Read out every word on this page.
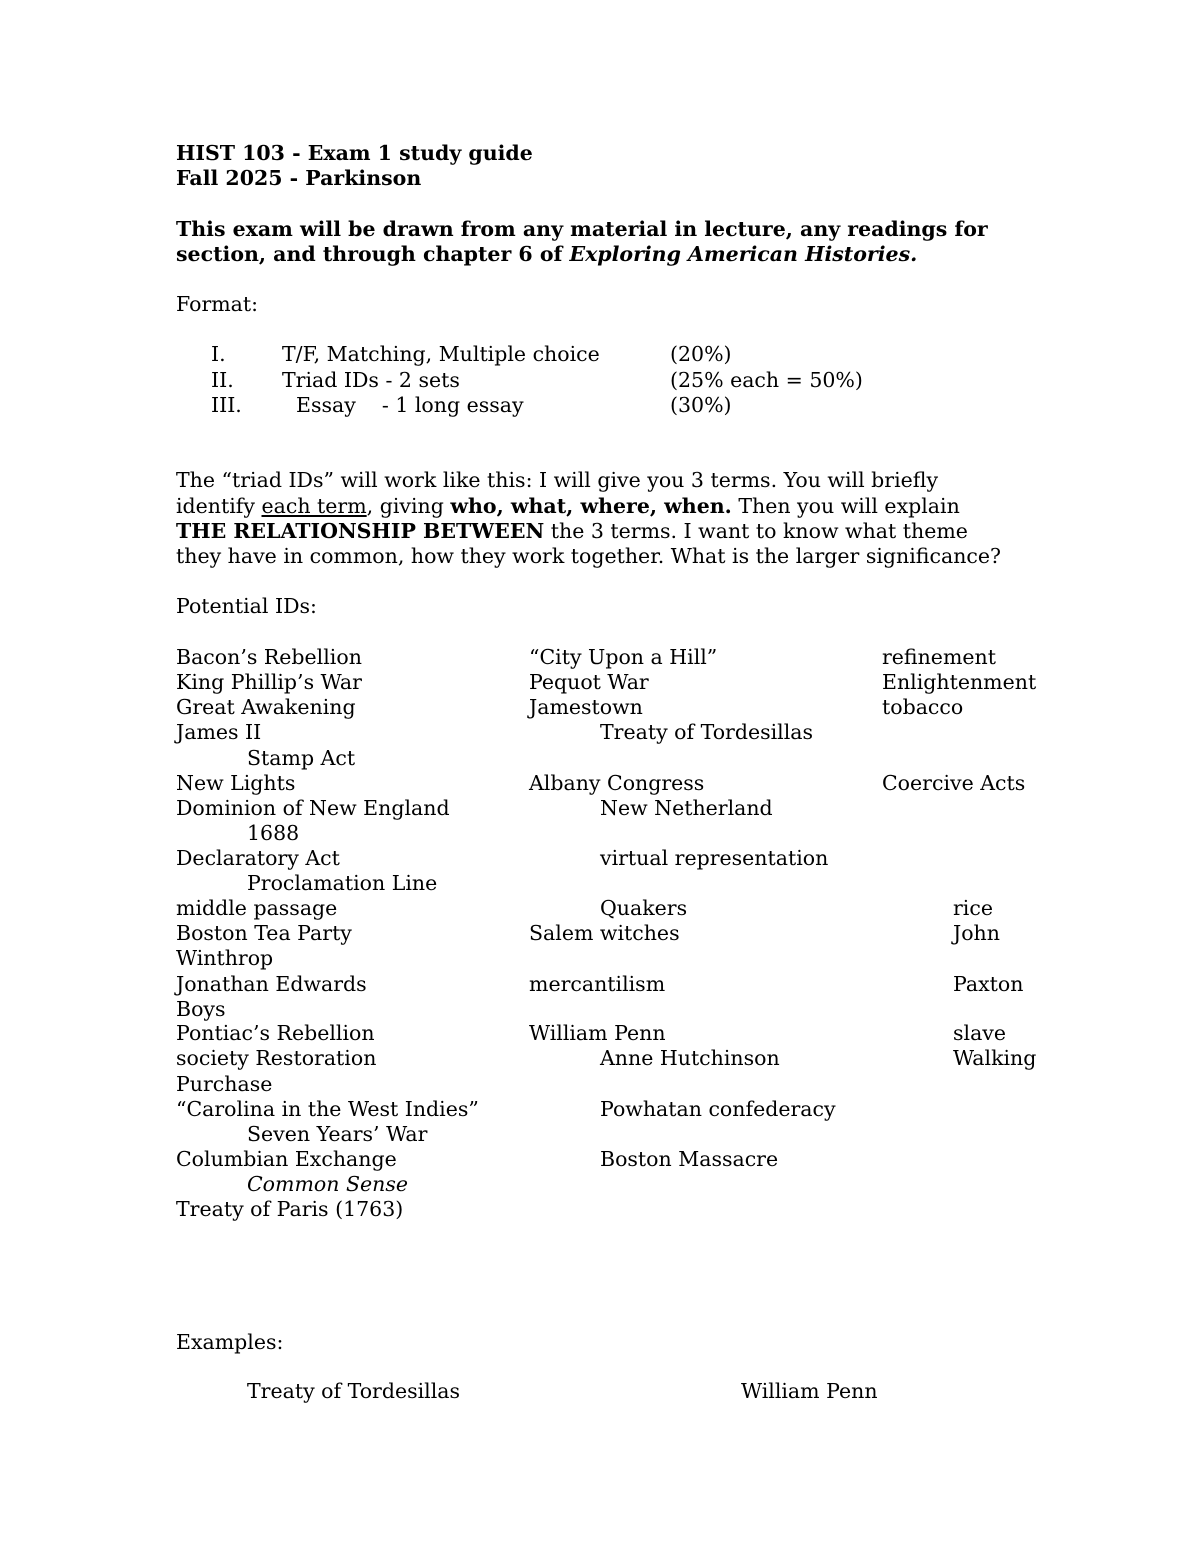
HIST 103 - Exam 1 study guide
Fall 2025 - Parkinson
This exam will be drawn from any material in lecture, any readings for
section, and through chapter 6 of Exploring American Histories.
Format:
I.	T/F, Matching, Multiple choice	(20%)
II. Triad IDs - 2 sets	(25% each = 50%)
III.	Essay    - 1 long essay	(30%)
The “triad IDs” will work like this: I will give you 3 terms. You will briefly
identify each term, giving who, what, where, when. Then you will explain
THE RELATIONSHIP BETWEEN the 3 terms. I want to know what theme
they have in common, how they work together. What is the larger significance?
Potential IDs:
Bacon’s Rebellion	“City Upon a Hill”	refinement
King Phillip’s War	Pequot War	Enlightenment
Great Awakening	Jamestown	tobacco
James II	Treaty of Tordesillas
Stamp Act
New Lights	Albany Congress	Coercive Acts
Dominion of New England	New Netherland
1688
Declaratory Act	virtual representation
Proclamation Line
middle passage	Quakers	rice
Boston Tea Party	Salem witches	John
Winthrop
Jonathan Edwards	mercantilism	Paxton
Boys
Pontiac’s Rebellion	William Penn	slave
society Restoration	Anne Hutchinson	Walking
Purchase
“Carolina in the West Indies”	Powhatan confederacy
Seven Years’ War
Columbian Exchange	Boston Massacre
Common Sense
Treaty of Paris (1763)
Examples:
Treaty of Tordesillas	William Penn
